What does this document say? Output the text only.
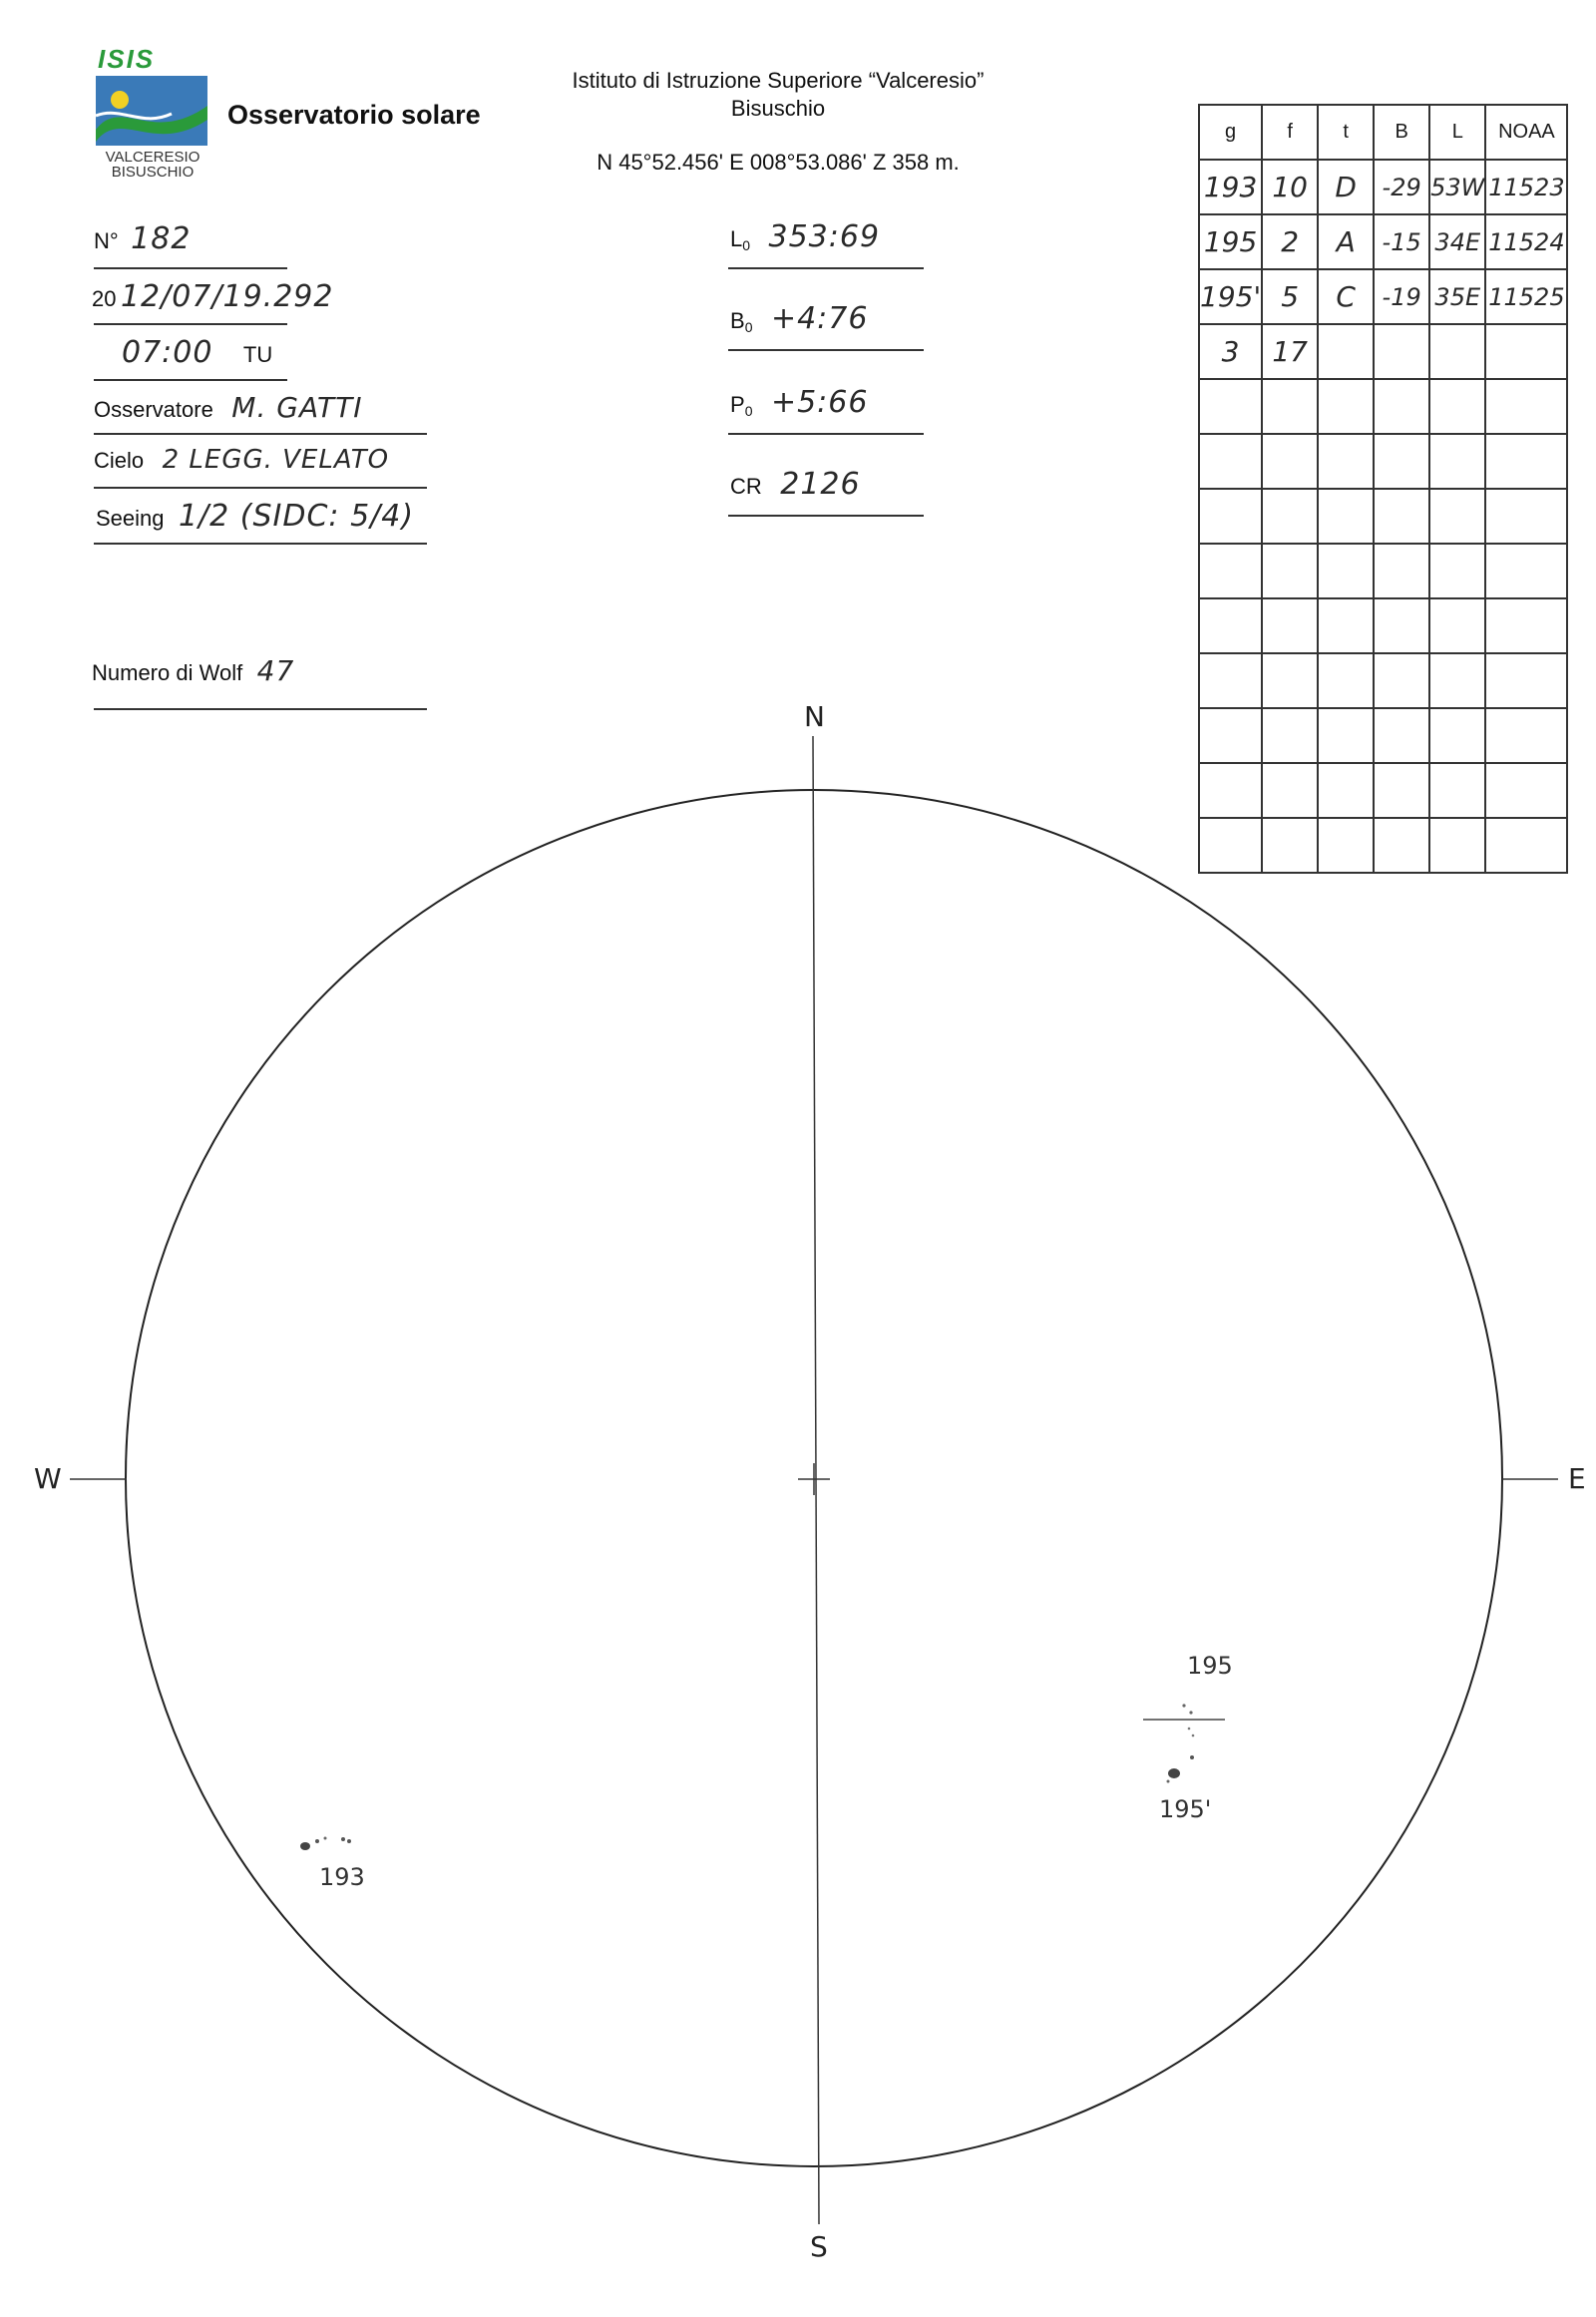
ISIS
VALCERESIO
BISUSCHIO
Osservatorio solare
Istituto di Istruzione Superiore “Valceresio”
Bisuschio
N 45°52.456' E 008°53.086' Z 358 m.
N° 182
20 12/07/19.292
07:00 TU
Osservatore M. GATTI
Cielo 2 LEGG. VELATO
Seeing 1/2 (SIDC: 5/4)
Numero di Wolf 47
$L_0$ 353:69
$B_0$ +4:76
$P_0$ +5:66
CR 2126
g	f	t	B	L	NOAA
193	10	D	-29	53W	11523
195	2	A	-15	34E	11524
195'	5	C	-19	35E	11525
3	17				

N
S
W	E
193
195
195'
